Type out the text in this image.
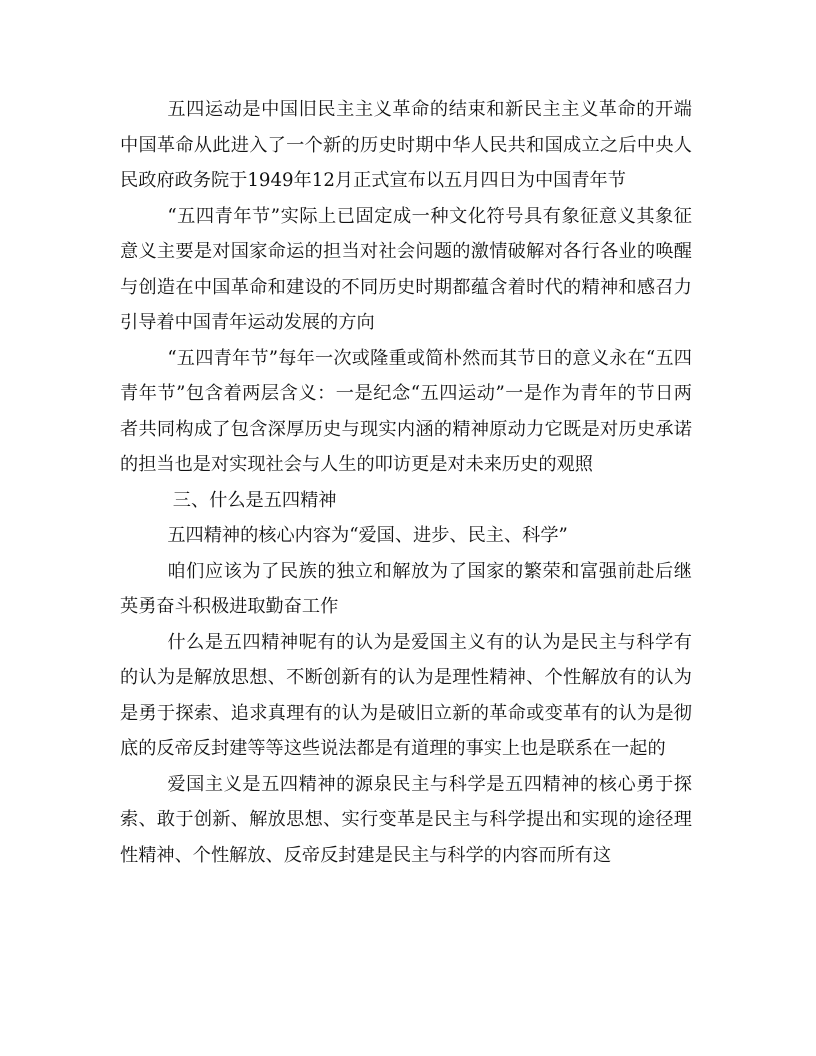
五四运动是中国旧民主主义革命的结束和新民主主义革命的开端中国革命从此进入了一个新的历史时期中华人民共和国成立之后中央人民政府政务院于1949年12月正式宣布以五月四日为中国青年节

“五四青年节”实际上已固定成一种文化符号具有象征意义其象征意义主要是对国家命运的担当对社会问题的激情破解对各行各业的唤醒与创造在中国革命和建设的不同历史时期都蕴含着时代的精神和感召力引导着中国青年运动发展的方向

“五四青年节”每年一次或隆重或简朴然而其节日的意义永在“五四青年节”包含着两层含义：一是纪念“五四运动”一是作为青年的节日两者共同构成了包含深厚历史与现实内涵的精神原动力它既是对历史承诺的担当也是对实现社会与人生的叩访更是对未来历史的观照

三、什么是五四精神

五四精神的核心内容为“爱国、进步、民主、科学”

咱们应该为了民族的独立和解放为了国家的繁荣和富强前赴后继英勇奋斗积极进取勤奋工作

什么是五四精神呢有的认为是爱国主义有的认为是民主与科学有的认为是解放思想、不断创新有的认为是理性精神、个性解放有的认为是勇于探索、追求真理有的认为是破旧立新的革命或变革有的认为是彻底的反帝反封建等等这些说法都是有道理的事实上也是联系在一起的

爱国主义是五四精神的源泉民主与科学是五四精神的核心勇于探索、敢于创新、解放思想、实行变革是民主与科学提出和实现的途径理性精神、个性解放、反帝反封建是民主与科学的内容而所有这
